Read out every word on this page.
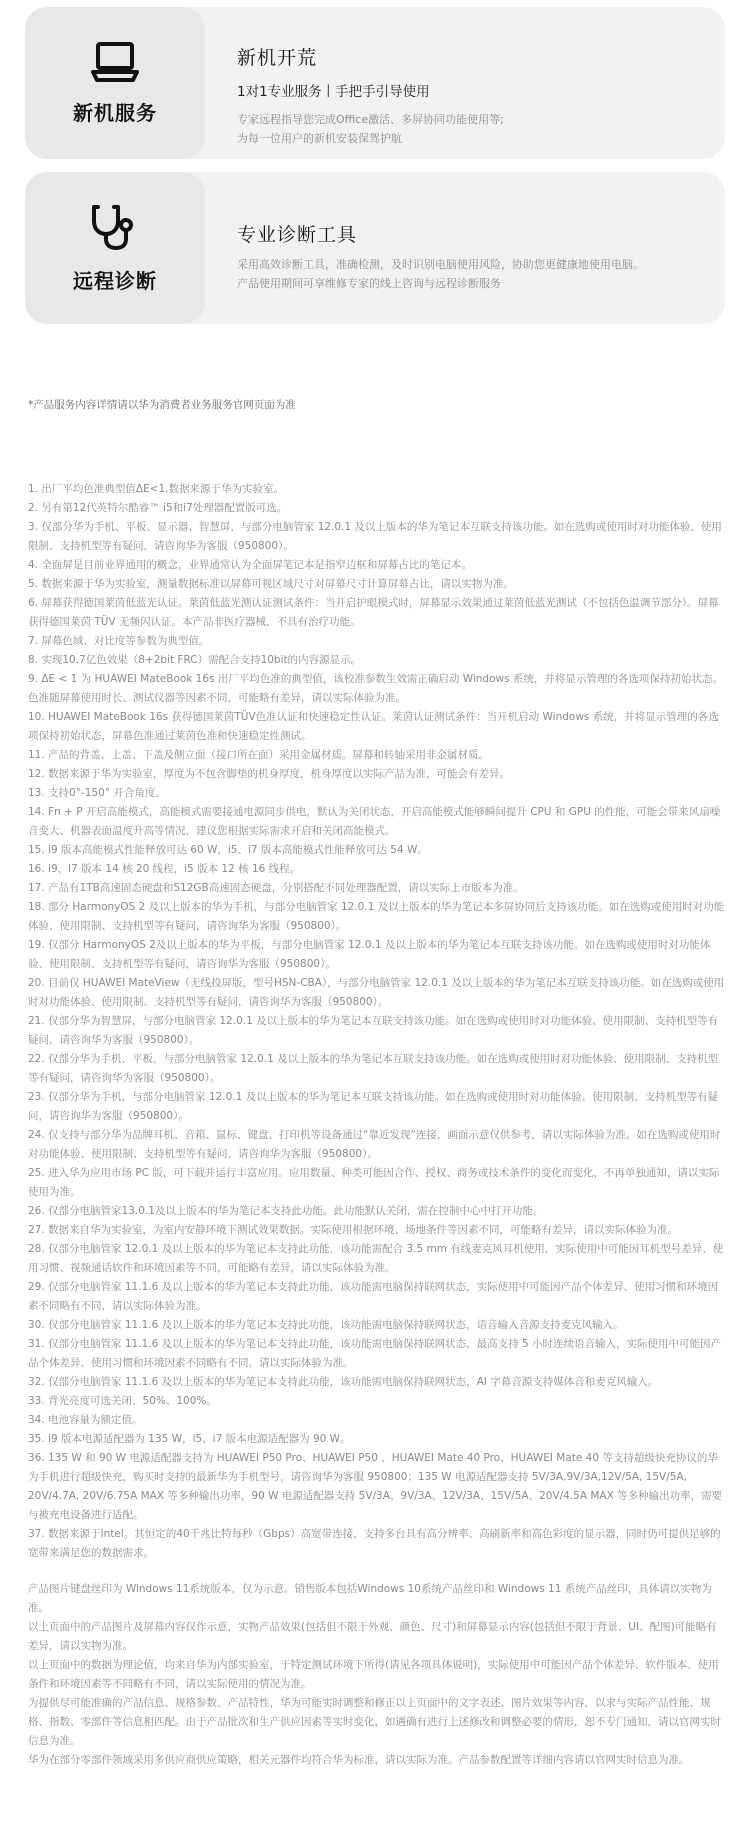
新机服务
新机开荒
1对1专业服务丨手把手引导使用
专家远程指导您完成Office激活、多屏协同功能使用等;
为每一位用户的新机安装保驾护航
远程诊断
专业诊断工具
采用高效诊断工具，准确检测，及时识别电脑使用风险，协助您更健康地使用电脑。
产品使用期间可享维修专家的线上咨询与远程诊断服务
*产品服务内容详情请以华为消费者业务服务官网页面为准

1. 出厂平均色准典型值ΔE<1,数据来源于华为实验室。

2. 另有第12代英特尔酷睿™ i5和i7处理器配置版可选。

3. 仅部分华为手机、平板、显示器、智慧屏，与部分电脑管家 12.0.1 及以上版本的华为笔记本互联支持该功能。如在选购或使用时对功能体验、使用限制、支持机型等有疑问，请咨询华为客服（950800）。

4. 全面屏是目前业界通用的概念，业界通常认为全面屏笔记本是指窄边框和屏幕占比的笔记本。

5. 数据来源于华为实验室，测量数据标准以屏幕可视区域尺寸对屏幕尺寸计算屏幕占比，请以实物为准。

6. 屏幕获得德国莱茵低蓝光认证。莱茵低蓝光测认证测试条件：当开启护眼模式时，屏幕显示效果通过莱茵低蓝光测试（不包括色温调节部分）。屏幕获得德国莱茵 TÜV 无频闪认证。本产品非医疗器械，不具有治疗功能。

7. 屏幕色域、对比度等参数为典型值。

8. 实现10.7亿色效果（8+2bit FRC）需配合支持10bit的内容源显示。

9. ΔE < 1 为 HUAWEI MateBook 16s 出厂平均色准的典型值，该校准参数生效需正确启动 Windows 系统，并将显示管理的各选项保持初始状态。色准随屏幕使用时长、测试仪器等因素不同，可能略有差异，请以实际体验为准。

10. HUAWEI MateBook 16s 获得德国莱茵TÜV色准认证和快速稳定性认证。莱茵认证测试条件：当开机启动 Windows 系统，并将显示管理的各选项保持初始状态，屏幕色准通过莱茵色准和快速稳定性测试。

11. 产品的背盖、上盖、下盖及侧立面（接口所在面）采用金属材质。屏幕和转轴采用非金属材质。

12. 数据来源于华为实验室，厚度为不包含脚垫的机身厚度，机身厚度以实际产品为准，可能会有差异。

13. 支持0°-150° 开合角度。

14. Fn + P 开启高能模式，高能模式需要接通电源同步供电，默认为关闭状态，开启高能模式能够瞬间提升 CPU 和 GPU 的性能，可能会带来风扇噪音变大、机器表面温度升高等情况，建议您根据实际需求开启和关闭高能模式。

15. i9 版本高能模式性能释放可达 60 W，i5、i7 版本高能模式性能释放可达 54 W。

16. i9、i7 版本 14 核 20 线程，i5 版本 12 核 16 线程。

17. 产品有1TB高速固态硬盘和512GB高速固态硬盘，分别搭配不同处理器配置，请以实际上市版本为准。

18. 部分 HarmonyOS 2 及以上版本的华为手机，与部分电脑管家 12.0.1 及以上版本的华为笔记本多屏协同后支持该功能。如在选购或使用时对功能体验、使用限制、支持机型等有疑问，请咨询华为客服（950800）。

19. 仅部分 HarmonyOS 2及以上版本的华为平板，与部分电脑管家 12.0.1 及以上版本的华为笔记本互联支持该功能。如在选购或使用时对功能体验、使用限制、支持机型等有疑问，请咨询华为客服（950800）。

20. 目前仅 HUAWEI MateView（无线投屏版，型号HSN-CBA），与部分电脑管家 12.0.1 及以上版本的华为笔记本互联支持该功能。如在选购或使用时对功能体验、使用限制、支持机型等有疑问，请咨询华为客服（950800）。

21. 仅部分华为智慧屏，与部分电脑管家 12.0.1 及以上版本的华为笔记本互联支持该功能。如在选购或使用时对功能体验、使用限制、支持机型等有疑问，请咨询华为客服（950800）。

22. 仅部分华为手机、平板，与部分电脑管家 12.0.1 及以上版本的华为笔记本互联支持该功能。如在选购或使用时对功能体验、使用限制、支持机型等有疑问，请咨询华为客服（950800）。

23. 仅部分华为手机，与部分电脑管家 12.0.1 及以上版本的华为笔记本互联支持该功能。如在选购或使用时对功能体验、使用限制、支持机型等有疑问，请咨询华为客服（950800）。

24. 仅支持与部分华为品牌耳机、音箱、鼠标、键盘、打印机等设备通过“靠近发现”连接，画面示意仅供参考，请以实际体验为准。如在选购或使用时对功能体验、使用限制、支持机型等有疑问，请咨询华为客服（950800）。

25. 进入华为应用市场 PC 版，可下载并运行丰富应用。应用数量、种类可能因合作、授权、商务或技术条件的变化而变化，不再单独通知，请以实际使用为准。

26. 仅部分电脑管家13.0.1及以上版本的华为笔记本支持此功能。此功能默认关闭，需在控制中心中打开功能。

27. 数据来自华为实验室，为室内安静环境下测试效果数据。实际使用根据环境、场地条件等因素不同，可能略有差异，请以实际体验为准。

28. 仅部分电脑管家 12.0.1 及以上版本的华为笔记本支持此功能，该功能需配合 3.5 mm 有线麦克风耳机使用，实际使用中可能因耳机型号差异、使用习惯、视频通话软件和环境因素等不同，可能略有差异，请以实际体验为准。

29. 仅部分电脑管家 11.1.6 及以上版本的华为笔记本支持此功能，该功能需电脑保持联网状态，实际使用中可能因产品个体差异、使用习惯和环境因素不同略有不同，请以实际体验为准。

30. 仅部分电脑管家 11.1.6 及以上版本的华为笔记本支持此功能，该功能需电脑保持联网状态，语音输入音源支持麦克风输入。

31. 仅部分电脑管家 11.1.6 及以上版本的华为笔记本支持此功能，该功能需电脑保持联网状态，最高支持 5 小时连续语音输入，实际使用中可能因产品个体差异、使用习惯和环境因素不同略有不同，请以实际体验为准。

32. 仅部分电脑管家 11.1.6 及以上版本的华为笔记本支持此功能，该功能需电脑保持联网状态，AI 字幕音源支持媒体音和麦克风输入。

33. 背光亮度可选关闭、50%、100%。

34. 电池容量为额定值。

35. i9 版本电源适配器为 135 W，i5、i7 版本电源适配器为 90 W。

36. 135 W 和 90 W 电源适配器支持为 HUAWEI P50 Pro、HUAWEI P50 、HUAWEI Mate 40 Pro、HUAWEI Mate 40 等支持超级快充协议的华为手机进行超级快充，购买时支持的最新华为手机型号，请咨询华为客服 950800；135 W 电源适配器支持 5V/3A,9V/3A,12V/5A, 15V/5A, 20V/4.7A, 20V/6.75A MAX 等多种输出功率，90 W 电源适配器支持 5V/3A、9V/3A、12V/3A、15V/5A、20V/4.5A MAX 等多种输出功率，需要与被充电设备进行适配。

37. 数据来源于Intel。其恒定的40千兆比特每秒（Gbps）高宽带连接，支持多台具有高分辨率、高刷新率和高色彩度的显示器，同时仍可提供足够的宽带来满足您的数据需求。

产品图片键盘丝印为 Windows 11系统版本，仅为示意。销售版本包括Windows 10系统产品丝印和 Windows 11 系统产品丝印，具体请以实物为准。

以上页面中的产品图片及屏幕内容仅作示意，实物产品效果(包括但不限于外观、颜色、尺寸)和屏幕显示内容(包括但不限于背景、UI、配图)可能略有差异，请以实物为准。

以上页面中的数据为理论值，均来自华为内部实验室，于特定测试环境下所得(请见各项具体说明)，实际使用中可能因产品个体差异、软件版本、使用条件和环境因素等不同略有不同，请以实际使用的情况为准。

为提供尽可能准确的产品信息、规格参数、产品特性，华为可能实时调整和修正以上页面中的文字表述、图片效果等内容，以求与实际产品性能、规格、指数、零部件等信息相匹配。由于产品批次和生产供应因素等实时变化，如遇确有进行上述修改和调整必要的情形，恕不专门通知，请以官网实时信息为准。

华为在部分零部件领域采用多供应商供应策略，相关元器件均符合华为标准，请以实际为准。产品参数配置等详细内容请以官网实时信息为准。
